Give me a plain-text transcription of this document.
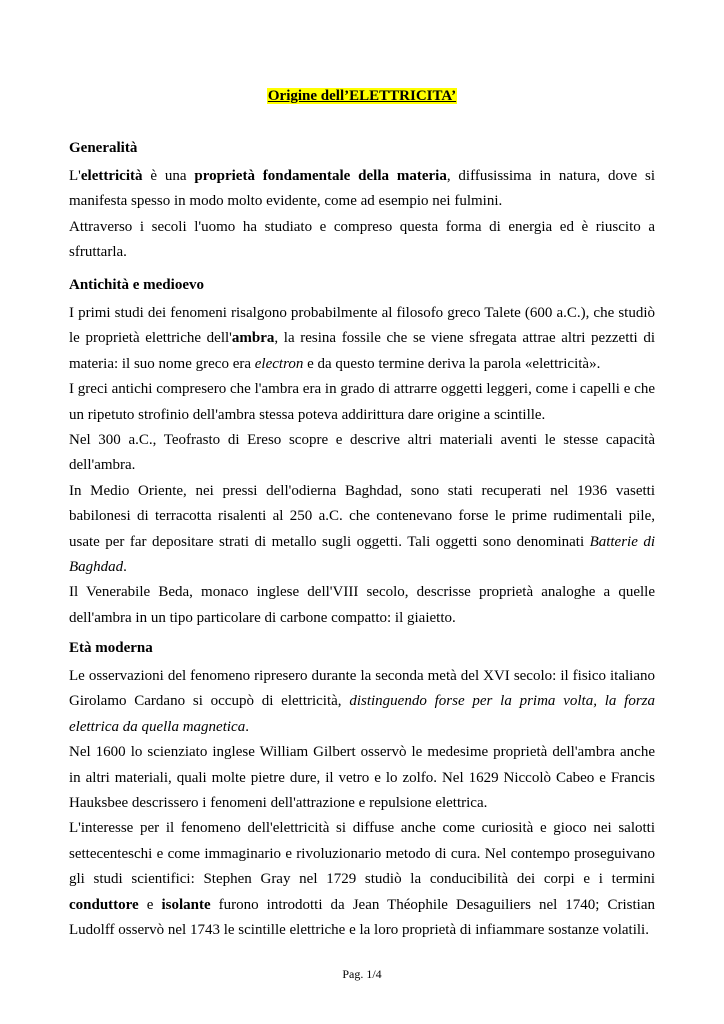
Origine dell’ELETTRICITA’
Generalità

L'elettricità è una proprietà fondamentale della materia, diffusissima in natura, dove si manifesta spesso in modo molto evidente, come ad esempio nei fulmini.

Attraverso i secoli l'uomo ha studiato e compreso questa forma di energia ed è riuscito a sfruttarla.

Antichità e medioevo

I primi studi dei fenomeni risalgono probabilmente al filosofo greco Talete (600 a.C.), che studiò le proprietà elettriche dell'ambra, la resina fossile che se viene sfregata attrae altri pezzetti di materia: il suo nome greco era electron e da questo termine deriva la parola «elettricità».

I greci antichi compresero che l'ambra era in grado di attrarre oggetti leggeri, come i capelli e che un ripetuto strofinio dell'ambra stessa poteva addirittura dare origine a scintille.

Nel 300 a.C., Teofrasto di Ereso scopre e descrive altri materiali aventi le stesse capacità dell'ambra.

In Medio Oriente, nei pressi dell'odierna Baghdad, sono stati recuperati nel 1936 vasetti babilonesi di terracotta risalenti al 250 a.C. che contenevano forse le prime rudimentali pile, usate per far depositare strati di metallo sugli oggetti. Tali oggetti sono denominati Batterie di Baghdad.

Il Venerabile Beda, monaco inglese dell'VIII secolo, descrisse proprietà analoghe a quelle dell'ambra in un tipo particolare di carbone compatto: il giaietto.

Età moderna

Le osservazioni del fenomeno ripresero durante la seconda metà del XVI secolo: il fisico italiano Girolamo Cardano si occupò di elettricità, distinguendo forse per la prima volta, la forza elettrica da quella magnetica.

Nel 1600 lo scienziato inglese William Gilbert osservò le medesime proprietà dell'ambra anche in altri materiali, quali molte pietre dure, il vetro e lo zolfo. Nel 1629 Niccolò Cabeo e Francis Hauksbee descrissero i fenomeni dell'attrazione e repulsione elettrica.

L'interesse per il fenomeno dell'elettricità si diffuse anche come curiosità e gioco nei salotti settecenteschi e come immaginario e rivoluzionario metodo di cura. Nel contempo proseguivano gli studi scientifici: Stephen Gray nel 1729 studiò la conducibilità dei corpi e i termini conduttore e isolante furono introdotti da Jean Théophile Desaguiliers nel 1740; Cristian Ludolff osservò nel 1743 le scintille elettriche e la loro proprietà di infiammare sostanze volatili.

Pag. 1/4
